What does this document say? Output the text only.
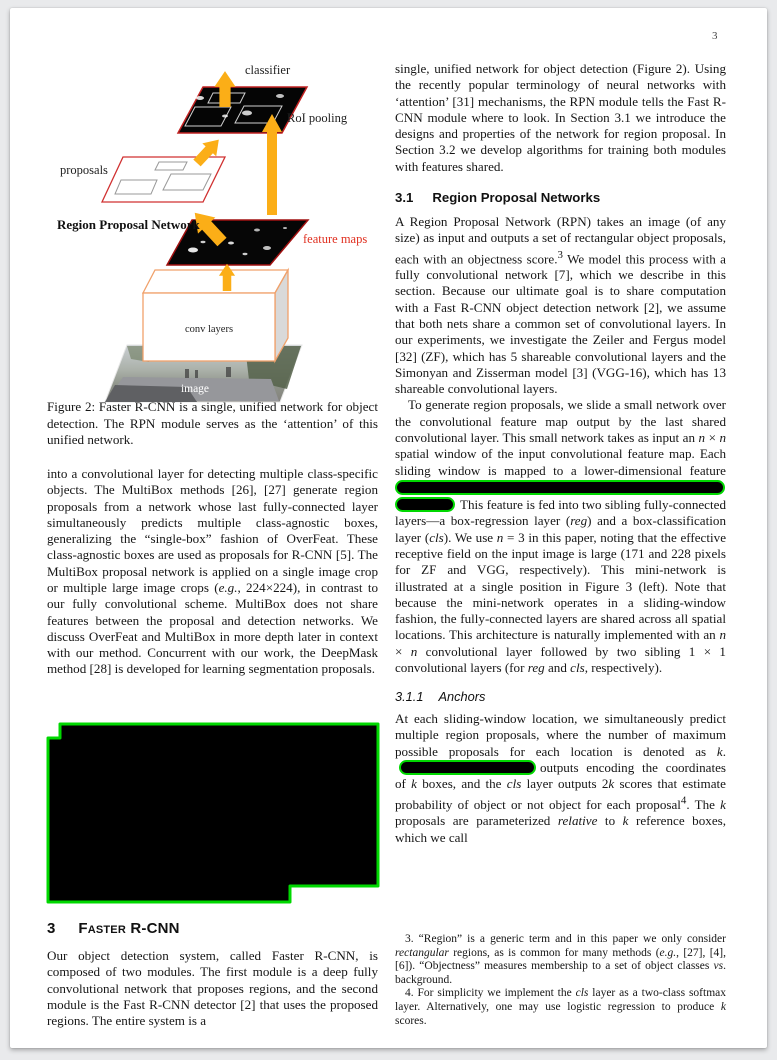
3
conv layers
image
feature maps
proposals
RoI pooling
classifier
Region Proposal Network
Figure 2: Faster R-CNN is a single, unified network for object detection. The RPN module serves as the ‘attention’ of this unified network.
into a convolutional layer for detecting multiple class-specific objects. The MultiBox methods [26], [27] generate region proposals from a network whose last fully-connected layer simultaneously predicts multiple class-agnostic boxes, generalizing the “single-box” fashion of OverFeat. These class-agnostic boxes are used as proposals for R-CNN [5]. The MultiBox proposal network is applied on a single image crop or multiple large image crops (e.g., 224×224), in contrast to our fully convolutional scheme. MultiBox does not share features between the proposal and detection networks. We discuss OverFeat and MultiBox in more depth later in context with our method. Concurrent with our work, the DeepMask method [28] is developed for learning segmentation proposals.
3 Faster R-CNN
Our object detection system, called Faster R-CNN, is composed of two modules. The first module is a deep fully convolutional network that proposes regions, and the second module is the Fast R-CNN detector [2] that uses the proposed regions. The entire system is a

single, unified network for object detection (Figure 2). Using the recently popular terminology of neural networks with ‘attention’ [31] mechanisms, the RPN module tells the Fast R-CNN module where to look. In Section 3.1 we introduce the designs and properties of the network for region proposal. In Section 3.2 we develop algorithms for training both modules with features shared.

3.1 Region Proposal Networks

A Region Proposal Network (RPN) takes an image (of any size) as input and outputs a set of rectangular object proposals, each with an objectness score.$^3$ We model this process with a fully convolutional network [7], which we describe in this section. Because our ultimate goal is to share computation with a Fast R-CNN object detection network [2], we assume that both nets share a common set of convolutional layers. In our experiments, we investigate the Zeiler and Fergus model [32] (ZF), which has 5 shareable convolutional layers and the Simonyan and Zisserman model [3] (VGG-16), which has 13 shareable convolutional layers.

To generate region proposals, we slide a small network over the convolutional feature map output by the last shared convolutional layer. This small network takes as input an n × n spatial window of the input convolutional feature map. Each sliding window is mapped to a lower-dimensional feature This feature is fed into two sibling fully-connected layers—a box-regression layer (reg) and a box-classification layer (cls). We use n = 3 in this paper, noting that the effective receptive field on the input image is large (171 and 228 pixels for ZF and VGG, respectively). This mini-network is illustrated at a single position in Figure 3 (left). Note that because the mini-network operates in a sliding-window fashion, the fully-connected layers are shared across all spatial locations. This architecture is naturally implemented with an n × n convolutional layer followed by two sibling 1 × 1 convolutional layers (for reg and cls, respectively).

3.1.1 Anchors

At each sliding-window location, we simultaneously predict multiple region proposals, where the number of maximum possible proposals for each location is denoted as k.outputs encoding the coordinates of k boxes, and the cls layer outputs 2k scores that estimate probability of object or not object for each proposal$^4$. The k proposals are parameterized relative to k reference boxes, which we call

3. “Region” is a generic term and in this paper we only consider rectangular regions, as is common for many methods (e.g., [27], [4], [6]). “Objectness” measures membership to a set of object classes vs. background.

4. For simplicity we implement the cls layer as a two-class softmax layer. Alternatively, one may use logistic regression to produce k scores.
